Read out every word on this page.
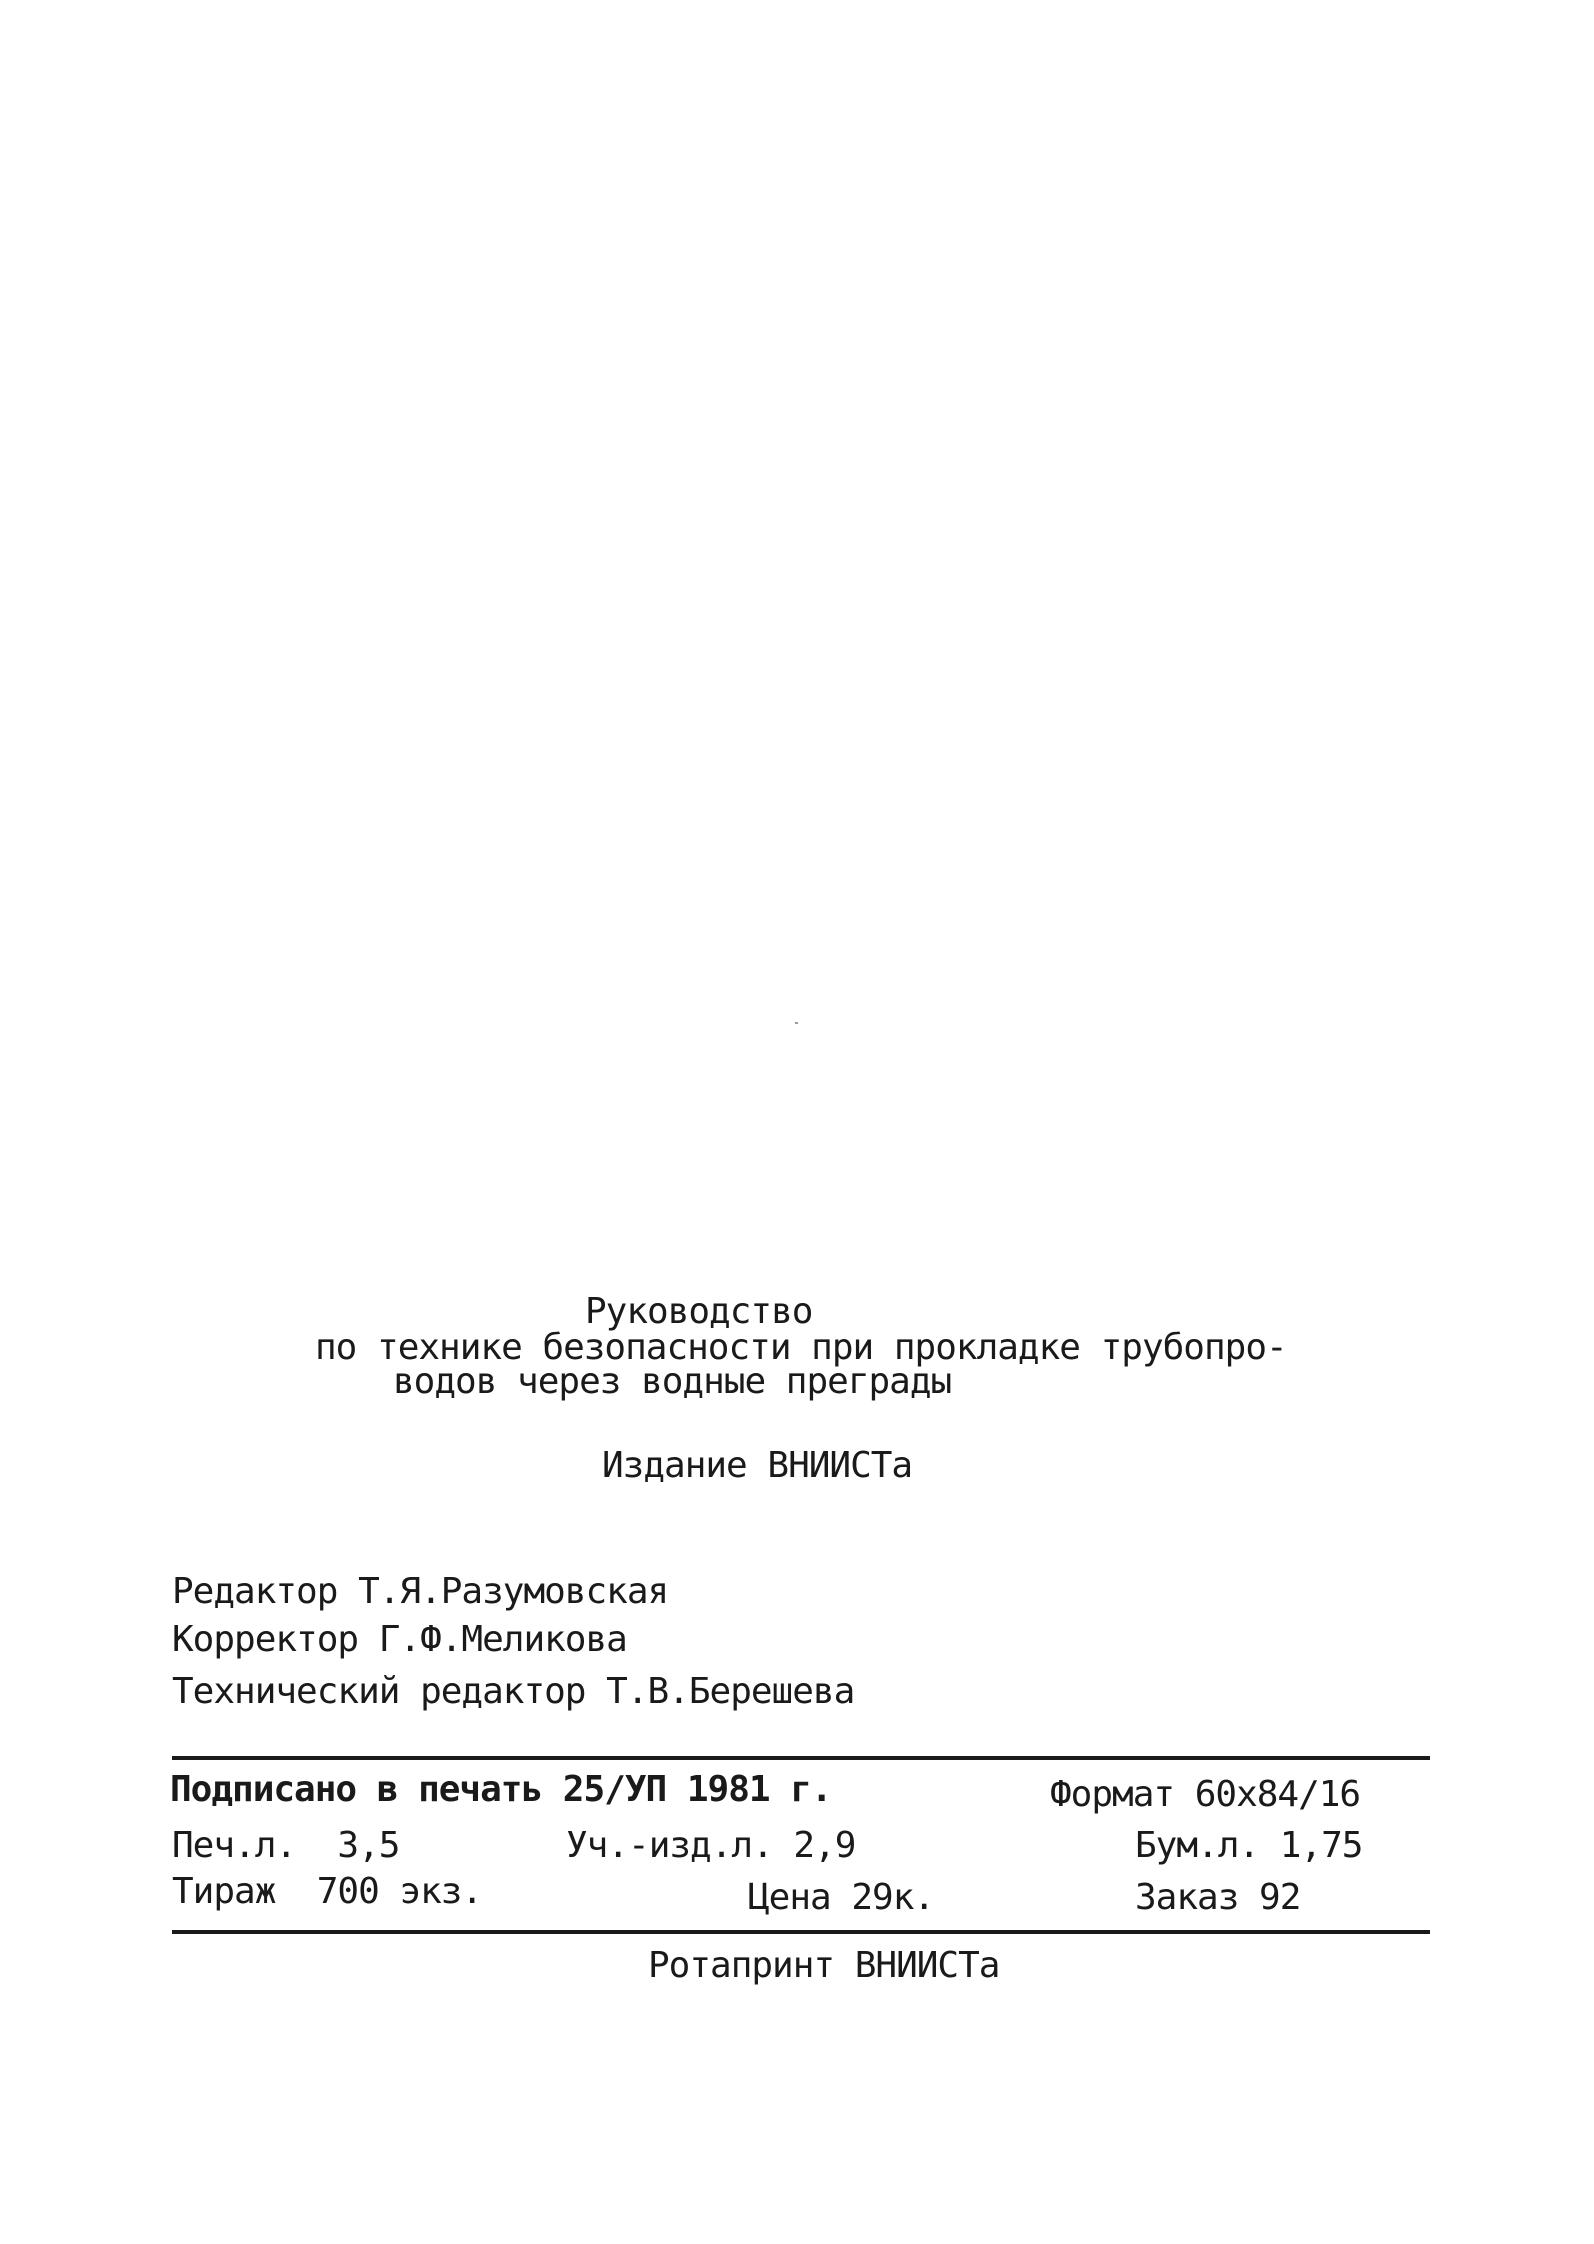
Руководство
по технике безопасности при прокладке трубопро-
водов через водные преграды
Издание ВНИИСТа
Редактор Т.Я.Разумовская
Корректор Г.Ф.Меликова
Технический редактор Т.В.Берешева
Подписано в печать 25/УП 1981 г.	Формат 60х84/16
Печ.л.  3,5	Уч.-изд.л. 2,9	Бум.л. 1,75
Тираж  700 экз.	Цена 29к.	Заказ 92
Ротапринт ВНИИСТа
